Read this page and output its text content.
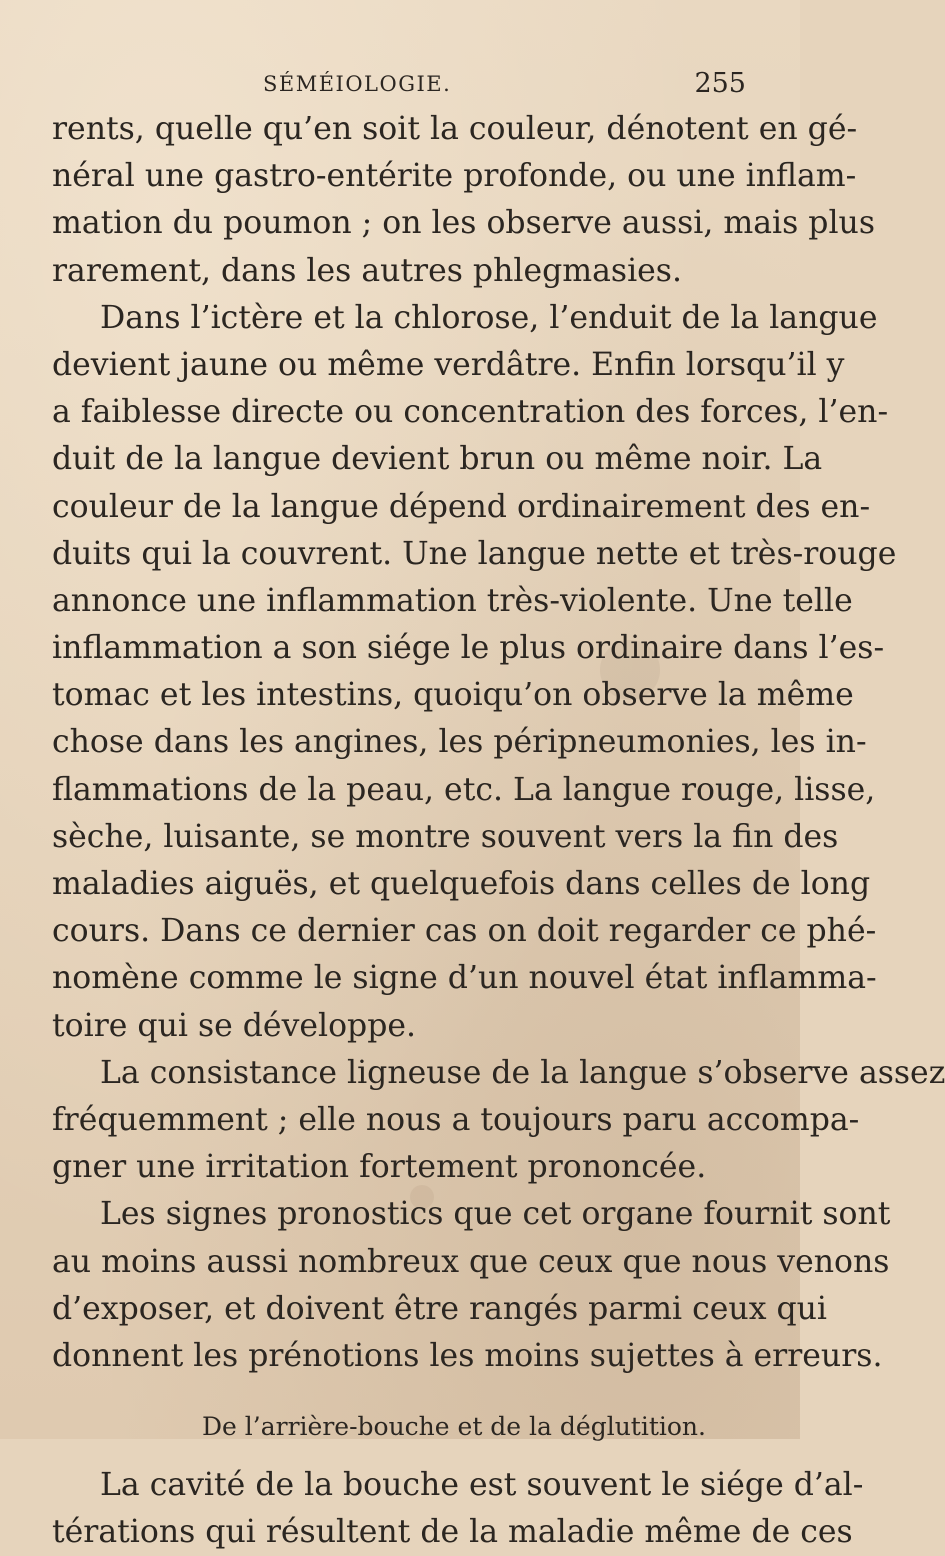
SÉMÉIOLOGIE.	255
rents, quelle qu’en soit la couleur, dénotent en gé-
néral une gastro-entérite profonde, ou une inflam-
mation du poumon ; on les observe aussi, mais plus
rarement, dans les autres phlegmasies.
Dans l’ictère et la chlorose, l’enduit de la langue
devient jaune ou même verdâtre. Enfin lorsqu’il y
a faiblesse directe ou concentration des forces, l’en-
duit de la langue devient brun ou même noir. La
couleur de la langue dépend ordinairement des en-
duits qui la couvrent. Une langue nette et très-rouge
annonce une inflammation très-violente. Une telle
inflammation a son siége le plus ordinaire dans l’es-
tomac et les intestins, quoiqu’on observe la même
chose dans les angines, les péripneumonies, les in-
flammations de la peau, etc. La langue rouge, lisse,
sèche, luisante, se montre souvent vers la fin des
maladies aiguës, et quelquefois dans celles de long
cours. Dans ce dernier cas on doit regarder ce phé-
nomène comme le signe d’un nouvel état inflamma-
toire qui se développe.
La consistance ligneuse de la langue s’observe assez
fréquemment ; elle nous a toujours paru accompa-
gner une irritation fortement prononcée.
Les signes pronostics que cet organe fournit sont
au moins aussi nombreux que ceux que nous venons
d’exposer, et doivent être rangés parmi ceux qui
donnent les prénotions les moins sujettes à erreurs.
De l’arrière-bouche et de la déglutition.
La cavité de la bouche est souvent le siége d’al-
térations qui résultent de la maladie même de ces
